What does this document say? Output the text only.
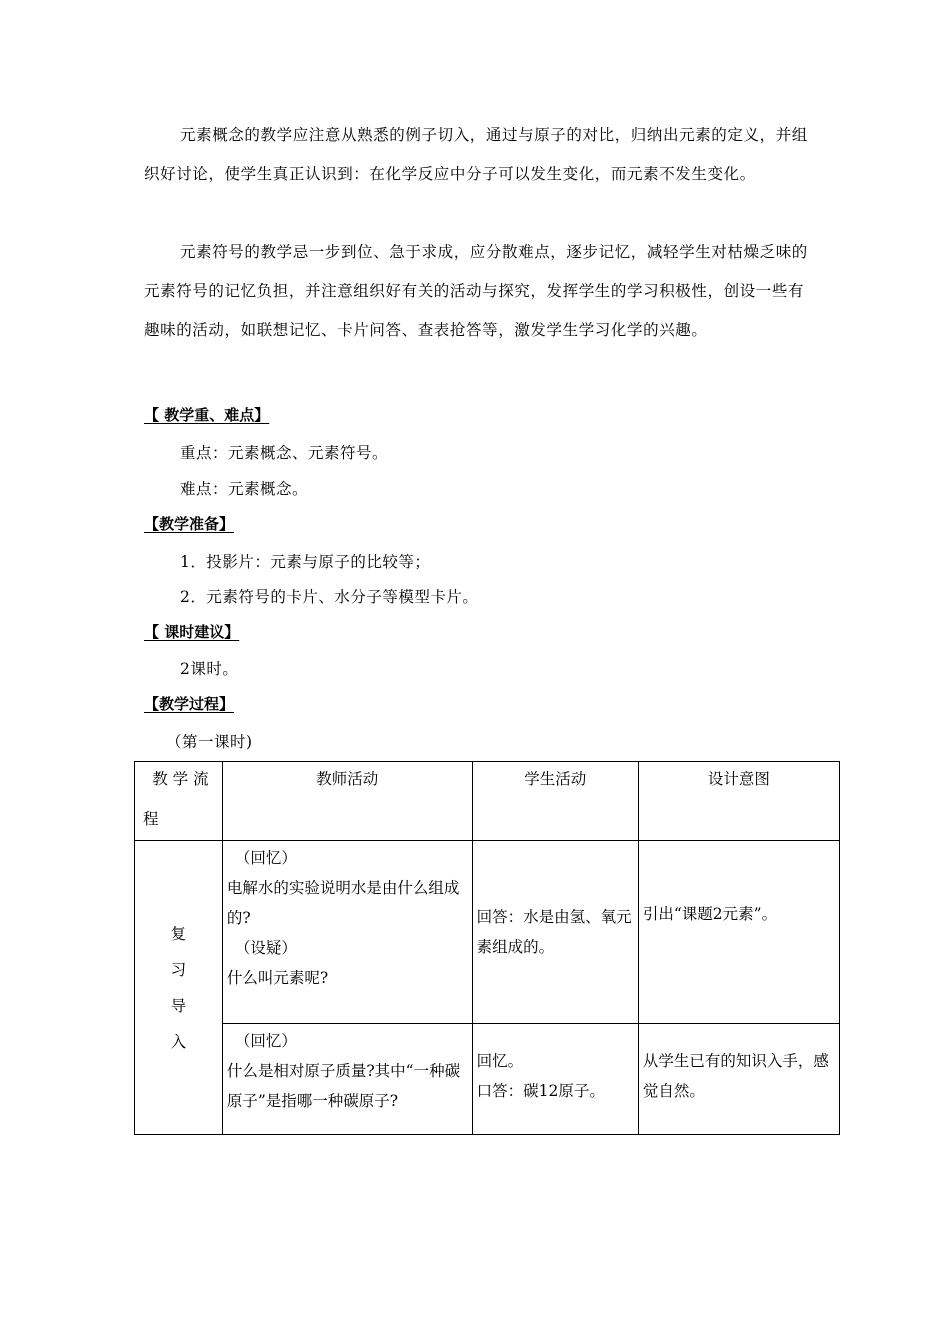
元素概念的教学应注意从熟悉的例子切入，通过与原子的对比，归纳出元素的定义，并组织好讨论，使学生真正认识到：在化学反应中分子可以发生变化，而元素不发生变化。

元素符号的教学忌一步到位、急于求成，应分散难点，逐步记忆，减轻学生对枯燥乏味的元素符号的记忆负担，并注意组织好有关的活动与探究，发挥学生的学习积极性，创设一些有趣味的活动，如联想记忆、卡片问答、查表抢答等，激发学生学习化学的兴趣。

【 教学重、难点】

重点：元素概念、元素符号。

难点：元素概念。

【教学准备】

1．投影片：元素与原子的比较等；

2．元素符号的卡片、水分子等模型卡片。

【 课时建议】

2课时。

【教学过程】

（第一课时)

教 学 流
程	教师活动	学生活动	设计意图

复
习
导
入	（回忆）
电解水的实验说明水是由什么组成的?
（设疑）
什么叫元素呢?	回答：水是由氢、氧元
素组成的。	引出“课题2元素”。

	（回忆）
什么是相对原子质量?其中“一种碳原子”是指哪一种碳原子?	回忆。
口答：碳12原子。	从学生已有的知识入手，感觉自然。
